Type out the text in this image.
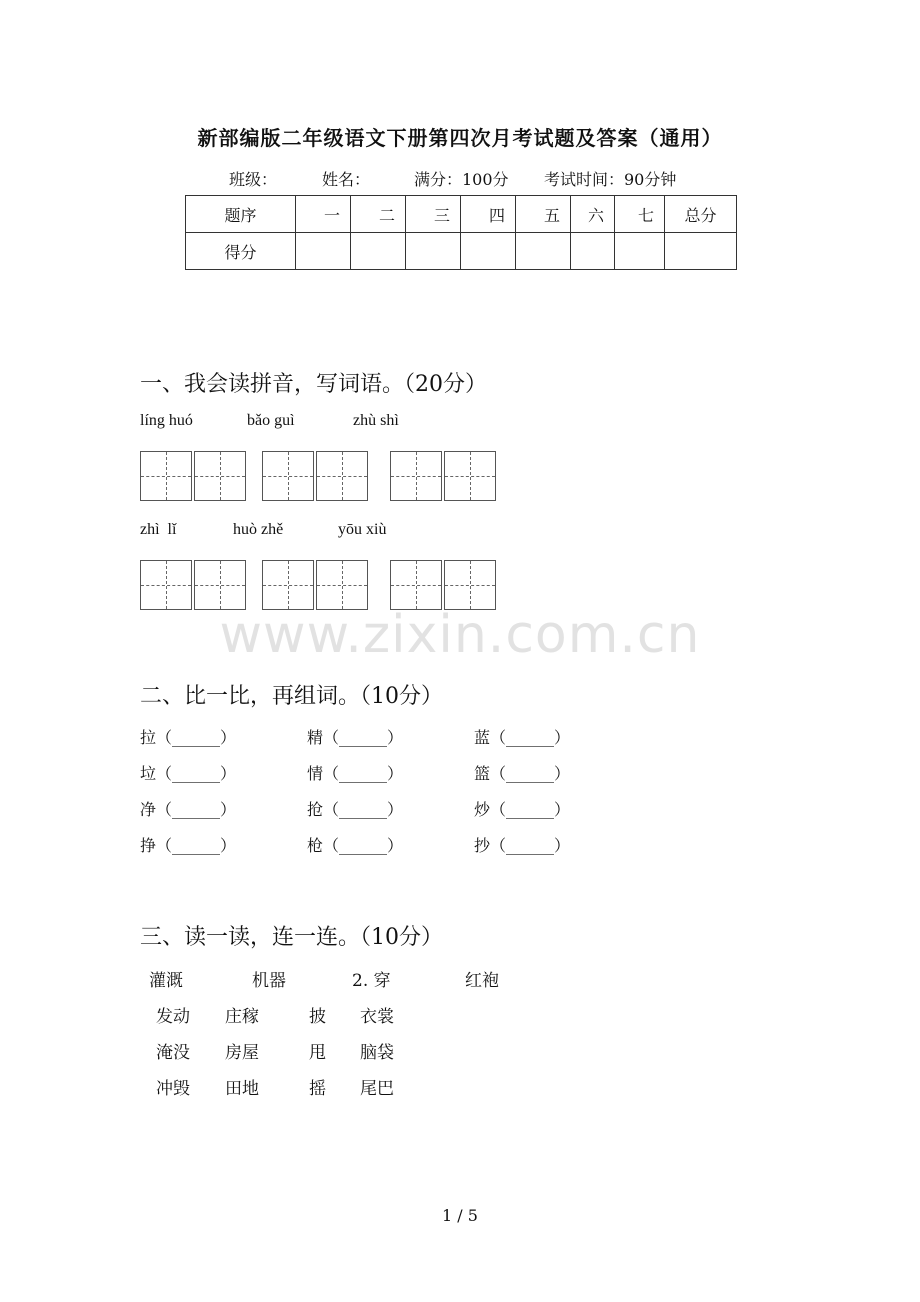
新部编版二年级语文下册第四次月考试题及答案（通用）
班级：	姓名：	满分：100分 考试时间：90分钟
题序	一	二	三	四	五	六	七	总分
得分								
一、我会读拼音，写词语。（20分）
líng huó	bǎo guì	zhù shì
zhì  lǐ	huò zhě	yōu xiù
www.zixin.com.cn
二、比一比，再组词。（10分）
拉（______）	精（______）	蓝（______）
垃（______）	情（______）	篮（______）
净（______）	抢（______）	炒（______）
挣（______）	枪（______）	抄（______）
三、读一读，连一连。（10分）
灌溉	机器	2. 穿	红袍
发动 庄稼	披 衣裳
淹没 房屋	甩 脑袋
冲毁 田地	摇 尾巴
1 / 5
